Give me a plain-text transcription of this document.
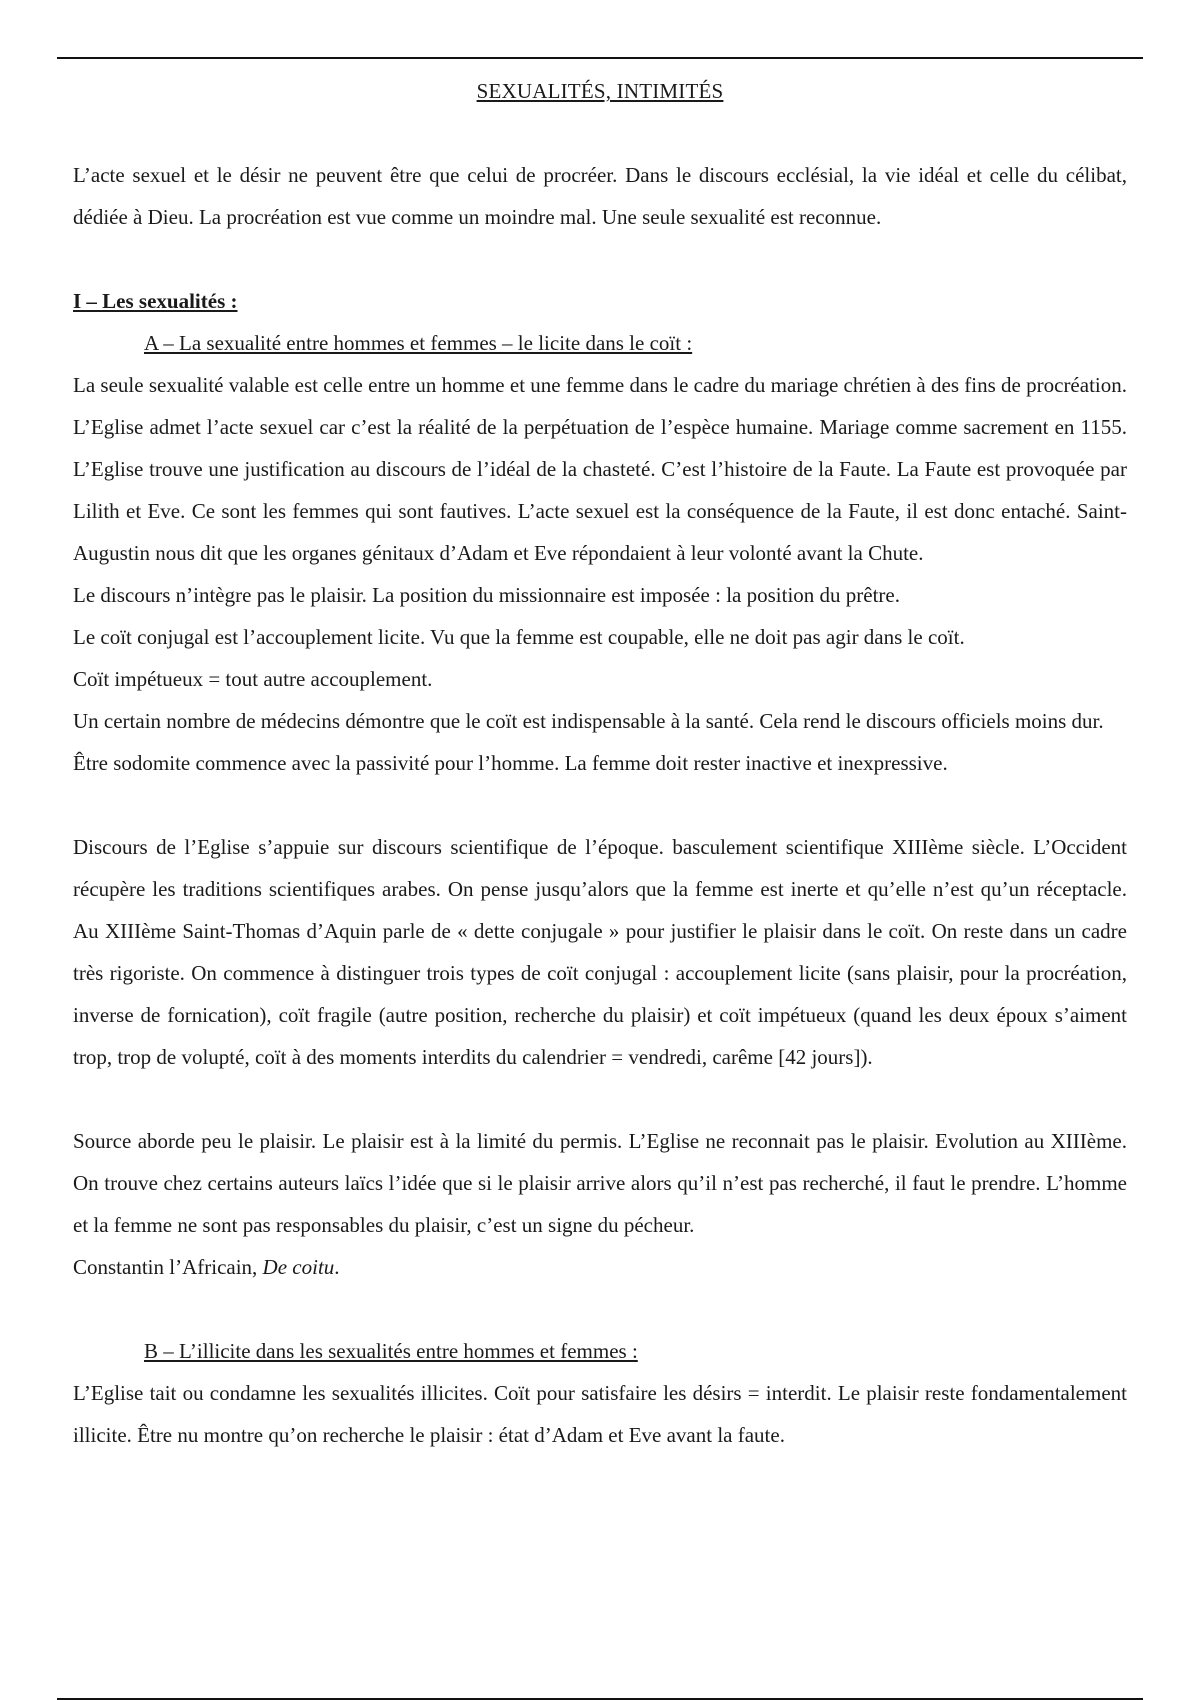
SEXUALITÉS, INTIMITÉS

L’acte sexuel et le désir ne peuvent être que celui de procréer. Dans le discours ecclésial, la vie idéal et celle du célibat, dédiée à Dieu. La procréation est vue comme un moindre mal. Une seule sexualité est reconnue.

I – Les sexualités :
A – La sexualité entre hommes et femmes – le licite dans le coït :

La seule sexualité valable est celle entre un homme et une femme dans le cadre du mariage chrétien à des fins de procréation. L’Eglise admet l’acte sexuel car c’est la réalité de la perpétuation de l’espèce humaine. Mariage comme sacrement en 1155. L’Eglise trouve une justification au discours de l’idéal de la chasteté. C’est l’histoire de la Faute. La Faute est provoquée par Lilith et Eve. Ce sont les femmes qui sont fautives. L’acte sexuel est la conséquence de la Faute, il est donc entaché. Saint-Augustin nous dit que les organes génitaux d’Adam et Eve répondaient à leur volonté avant la Chute.

Le discours n’intègre pas le plaisir. La position du missionnaire est imposée : la position du prêtre.

Le coït conjugal est l’accouplement licite. Vu que la femme est coupable, elle ne doit pas agir dans le coït.

Coït impétueux = tout autre accouplement.

Un certain nombre de médecins démontre que le coït est indispensable à la santé. Cela rend le discours officiels moins dur.

Être sodomite commence avec la passivité pour l’homme. La femme doit rester inactive et inexpressive.

Discours de l’Eglise s’appuie sur discours scientifique de l’époque. basculement scientifique XIIIème siècle. L’Occident récupère les traditions scientifiques arabes. On pense jusqu’alors que la femme est inerte et qu’elle n’est qu’un réceptacle. Au XIIIème Saint-Thomas d’Aquin parle de « dette conjugale » pour justifier le plaisir dans le coït. On reste dans un cadre très rigoriste. On commence à distinguer trois types de coït conjugal : accouplement licite (sans plaisir, pour la procréation, inverse de fornication), coït fragile (autre position, recherche du plaisir) et coït impétueux (quand les deux époux s’aiment trop, trop de volupté, coït à des moments interdits du calendrier = vendredi, carême [42 jours]).

Source aborde peu le plaisir. Le plaisir est à la limité du permis. L’Eglise ne reconnait pas le plaisir. Evolution au XIIIème. On trouve chez certains auteurs laïcs l’idée que si le plaisir arrive alors qu’il n’est pas recherché, il faut le prendre. L’homme et la femme ne sont pas responsables du plaisir, c’est un signe du pécheur.

Constantin l’Africain, De coitu.

B – L’illicite dans les sexualités entre hommes et femmes :

L’Eglise tait ou condamne les sexualités illicites. Coït pour satisfaire les désirs = interdit. Le plaisir reste fondamentalement illicite. Être nu montre qu’on recherche le plaisir : état d’Adam et Eve avant la faute.
